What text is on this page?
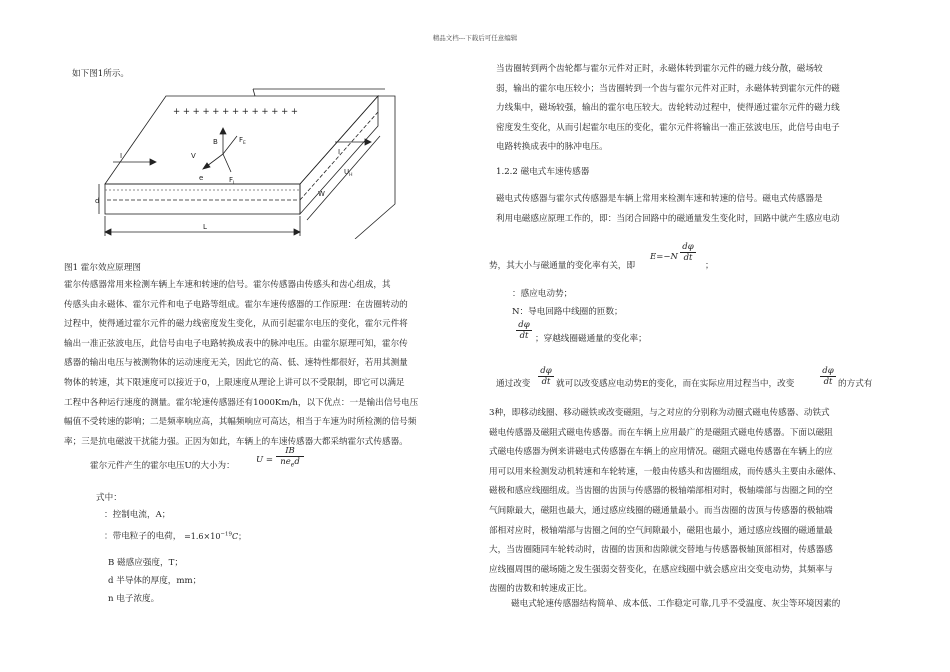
精品文档---下载后可任意编辑
如下图1所示。
+ + + + + + + + + + + + +
I
B	$F_E$
V
e	$F_L$
I
$U_H$
d
W
L
图1 霍尔效应原理图
霍尔传感器常用来检测车辆上车速和转速的信号。霍尔传感器由传感头和齿心组成，其
传感头由永磁体、霍尔元件和电子电路等组成。霍尔车速传感器的工作原理：在齿圈转动的
过程中，使得通过霍尔元件的磁力线密度发生变化，从而引起霍尔电压的变化，霍尔元件将
输出一准正弦波电压，此信号由电子电路转换成表中的脉冲电压。由霍尔原理可知，霍尔传
感器的输出电压与被测物体的运动速度无关，因此它的高、低、速特性都很好，若用其测量
物体的转速，其下限速度可以接近于0，上限速度从理论上讲可以不受限制，即它可以满足
工程中各种运行速度的测量。霍尔轮速传感器还有1000Km/h，以下优点：一是输出信号电压
幅值不受转速的影响；二是频率响应高，其幅频响应可高达，相当于车速为时所检测的信号频
率；三是抗电磁波干扰能力强。正因为如此，车辆上的车速传感器大都采纳霍尔式传感器。
霍尔元件产生的霍尔电压U的大小为：
U =
IB
$ne_ed$
式中：
：控制电流，A；
：带电粒子的电荷， $=1.6\times 10^{-19}C$；
B 磁感应强度，T；
d 半导体的厚度，mm；
n 电子浓度。
当齿圈转到两个齿轮都与霍尔元件对正时，永磁体转到霍尔元件的磁力线分散，磁场较
弱，输出的霍尔电压较小；当齿圈转到一个齿与霍尔元件对正时，永磁体转到霍尔元件的磁
力线集中，磁场较强，输出的霍尔电压较大。齿轮转动过程中，使得通过霍尔元件的磁力线
密度发生变化，从而引起霍尔电压的变化，霍尔元件将输出一准正弦波电压，此信号由电子
电路转换成表中的脉冲电压。
1.2.2 磁电式车速传感器
磁电式传感器与霍尔式传感器是车辆上常用来检测车速和转速的信号。磁电式传感器是
利用电磁感应原理工作的，即：当闭合回路中的磁通量发生变化时，回路中就产生感应电动
势，其大小与磁通量的变化率有关，即
E=−N
dφ
dt
；
：感应电动势；
N：导电回路中线圈的匝数；
dφ
dt ；穿越线圈磁通量的变化率；
通过改变
dφ
dt 就可以改变感应电动势E的变化，而在实际应用过程当中，改变
dφ
dt 的方式有
3种，即移动线圈、移动磁铁或改变磁阻，与之对应的分别称为动圈式磁电传感器、动铁式
磁电传感器及磁阻式磁电传感器。而在车辆上应用最广的是磁阻式磁电传感器。下面以磁阻
式磁电传感器为例来讲磁电式传感器在车辆上的应用情况。磁阻式磁电传感器在车辆上的应
用可以用来检测发动机转速和车轮转速，一般由传感头和齿圈组成，而传感头主要由永磁体、
磁极和感应线圈组成。当齿圈的齿顶与传感器的极轴端部相对时，极轴端部与齿圈之间的空
气间隙最大，磁阻也最大，通过感应线圈的磁通量最小。而当齿圈的齿顶与传感器的极轴端
部相对应时，极轴端部与齿圈之间的空气间隙最小，磁阻也最小，通过感应线圈的磁通量最
大，当齿圈随同车轮转动时，齿圈的齿顶和齿隙就交替地与传感器极轴顶部相对，传感器感
应线圈周围的磁场随之发生强弱交替变化，在感应线圈中就会感应出交变电动势，其频率与
齿圈的齿数和转速成正比。
磁电式轮速传感器结构简单、成本低、工作稳定可靠,几乎不受温度、灰尘等环境因素的
